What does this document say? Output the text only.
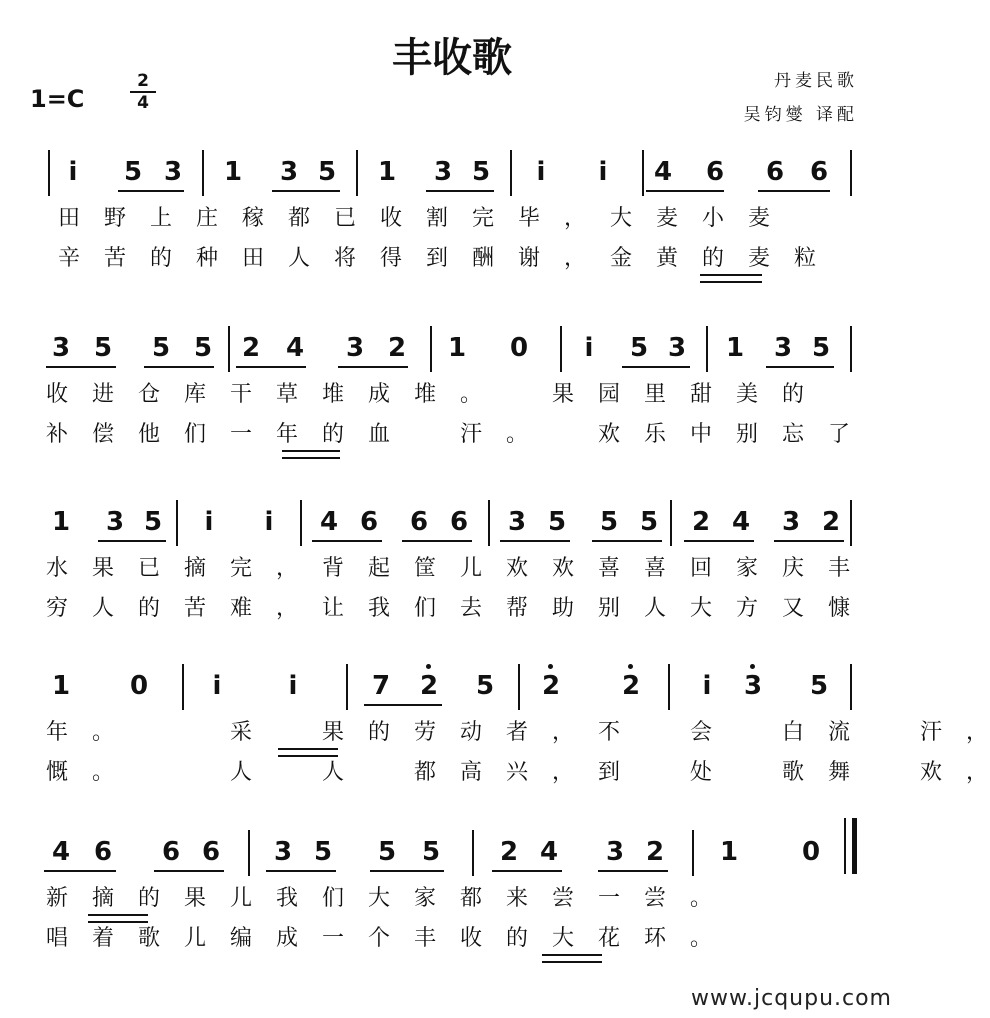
丰收歌
1=C
2
4
丹麦民歌
吴钧燮 译配
i 5 3 1 3 5 1 3 5 i i 4 6 6 6
田 野 上 庄 稼 都 已 收 割 完 毕 ， 大 麦 小 麦
辛 苦 的 种 田 人 将 得 到 酬 谢 ， 金 黄 的 麦 粒
3 5 5 5 2 4 3 2 1 0 i 5 3 1 3 5
收 进 仓 库 干 草 堆 成 堆 。
　	果 园 里 甜 美 的
补 偿 他 们 一 年 的 血
　	汗 。
　	欢 乐 中 别 忘 了
1 3 5 i i 4 6 6 6 3 5 5 5 2 4 3 2
水 果 已 摘 完 ， 背 起 筐 儿 欢 欢 喜 喜 回 家 庆 丰
穷 人 的 苦 难 ， 让 我 们 去 帮 助 别 人 大 方 又 慷
1 0 i	i	7 2 5 2 2 i 3 5
年 。

　	采
　	果 的 劳 动 者 ， 不
　	会
　	白 流
　	汗 ，
慨 。

　	人
　	人
　	都 高 兴 ， 到
　	处
　	歌 舞
　	欢 ，
4 6 6 6 3 5 5 5 2 4 3 2 1 0
新 摘 的 果 儿 我 们 大 家 都 来 尝 一 尝 。
唱 着 歌 儿 编 成 一 个 丰 收 的 大 花 环 。
www.jcqupu.com
